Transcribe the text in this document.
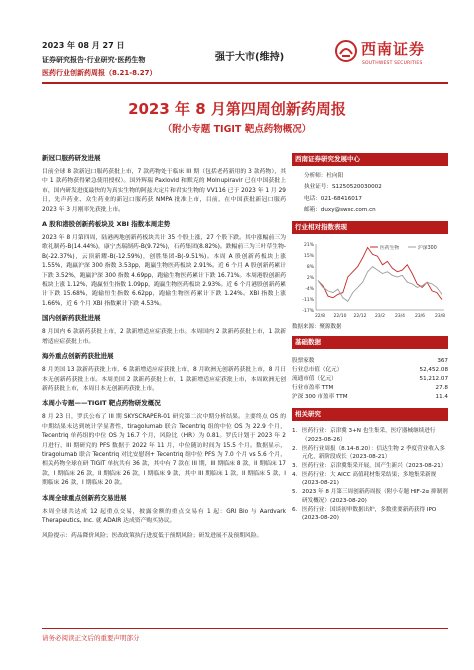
2023 年 08 月 27 日
证券研究报告·行业研究·医药生物
医药行业创新药周报（8.21-8.27）
强于大市(维持)	西南证券
SOUTHWEST SECURITIES
2023 年 8 月第四周创新药周报
（附小专题 TIGIT 靶点药物概况）
新冠口服药研发进展
目前全球 8 款新冠口服药获批上市，7 款药物处于临床 III 期（包括老药新用的 3 款药物），其中 1 款药物获得紧急使用授权）。国外辉瑞 Paxlovid 和默克的 Molnupiravir 已在中国获批上市，国内研发进度最快的为真实生物的阿兹夫定片和君实生物的 VV116 已于 2023 年 1 月 29 日，先声药业、众生药业的新冠口服药获 NMPA 批准上市，目前，在中国获批新冠口服药 2023 年 3 月刚率先获批上市。
A 股和港股创新药板块及 XBI 指数本周走势
2023 年 8 月第四周，陆港两地创新药板块共计 35 个股上涨，27 个股下跌。其中涨幅前三为歌礼制药-B(14.44%)，康宁杰瑞制药-B(9.72%)，石药集团(8.82%)。跌幅前三为三叶草生物-B(-22.37%)，云顶新耀-B(-12.59%)，创胜集团-B(-9.51%)。本周 A 股创新药板块上涨 1.55%，跑赢沪深 300 指数 3.53pp，跑赢生物医药板块 2.91%。近 6 个月 A 股创新药累计下跌 3.52%，跑赢沪深 300 指数 4.69pp，跑输生物医药累计下跌 16.71%。本周港股创新药板块上涨 1.12%，跑赢恒生指数 1.09pp，跑赢生物医药板块 2.93%。近 6 个月港股创新药累计下跌 15.68%，跑输恒生指数 6.62pp，跑输生物医药累计下跌 1.24%。XBI 指数上涨 1.66%，近 6 个月 XBI 指数累计下跌 4.53%。
国内创新药获批进展
8 月国内 6 款新药获批上市，2 款新增适应症获批上市。本周国内 2 款新药获批上市，1 款新增适应症获批上市。
海外重点创新药获批进展
8 月美国 13 款新药获批上市，6 款新增适应症获批上市，8 月欧洲无创新药获批上市，8 月日本无创新药获批上市。本周美国 2 款新药获批上市，1 款新增适应症获批上市，本周欧洲无创新药获批上市，本周日本无创新药获批上市。
本周小专题——TIGIT 靶点药物研发概况
8 月 23 日，罗氏公布了 III 期 SKYSCRAPER-01 研究第二次中期分析结果。主要终点 OS 的中期结果未达到统计学显著性，tiragolumab 联合 Tecentriq 组的中位 OS 为 22.9 个月，Tecentriq 单药组的中位 OS 为 16.7 个月，风险比（HR）为 0.81。罗氏计划于 2023 年 2 月进行，III 期研究的 PFS 数据于 2022 年 11 月，中位随访时间为 15.5 个月。数据显示，tiragolumab 联合 Tecentriq 对比安慰剂+ Tecentriq 组中位 PFS 为 7.0 个月 vs 5.6 个月，相关药物全球在研 TIGIT 单抗共有 36 款，其中有 7 款在 III 期，III 期临床 8 款，II 期临床 17 款，I 期临床 26 款，II 期临床 26 款，I 期临床 9 款，其中 III 期临床 1 款，II 期临床 5 款，I 期临床 26 款，I 期临床 20 款。
本周全球重点创新药交易进展
本周全球共达成 12 起重点交易，披露金额的重点交易有 1 起：GRI Bio 与 Aardvark Therapeutics, Inc. 就 ADAIR 达成资产购买协议。
风险提示：药品降价风险；医改政策执行进度低于预期风险；研发进展不及预期风险。
西南证券研究发展中心
分析师：杜向阳
执业证号：S1250520030002
电话：021-68416017
邮箱：duxy@swsc.com.cn
行业相对指数表现
21%
15%
8%
2%
-4%
-11%
-17%
22/8 22/10 22/12 23/2 23/4 23/6 23/8
医药生物	沪深300
数据来源：聚源数据
基础数据
股票家数	367
行业总市值（亿元）	52,452.08
流通市值（亿元）	51,212.07
行业市盈率 TTM	27.8
沪深 300 市盈率 TTM	11.4
相关研究
1. 医药行业：京津冀 3+N 也生集采，医疗器械继续进行（2023-08-26）
2. 医药行业周报（8.14-8.20）：信达生物 2 季度营业收入多元化，新阶段成长（2023-08-21）
3. 医药行业：京津冀集采开展，国产生新兴（2023-08-21）
4. 医药行业：大 AICC 高值耗材集采结果；多地集采新规 (2023-08-21)
5. 2023 年 8 月第三周创新药周报（附小专题 HIF-2α 抑制剂研发概况）(2023-08-20)
6. 医药行业：国谈初审数据出炉，多数重要新药获得 IPO (2023-08-20)
请务必阅读正文后的重要声明部分
